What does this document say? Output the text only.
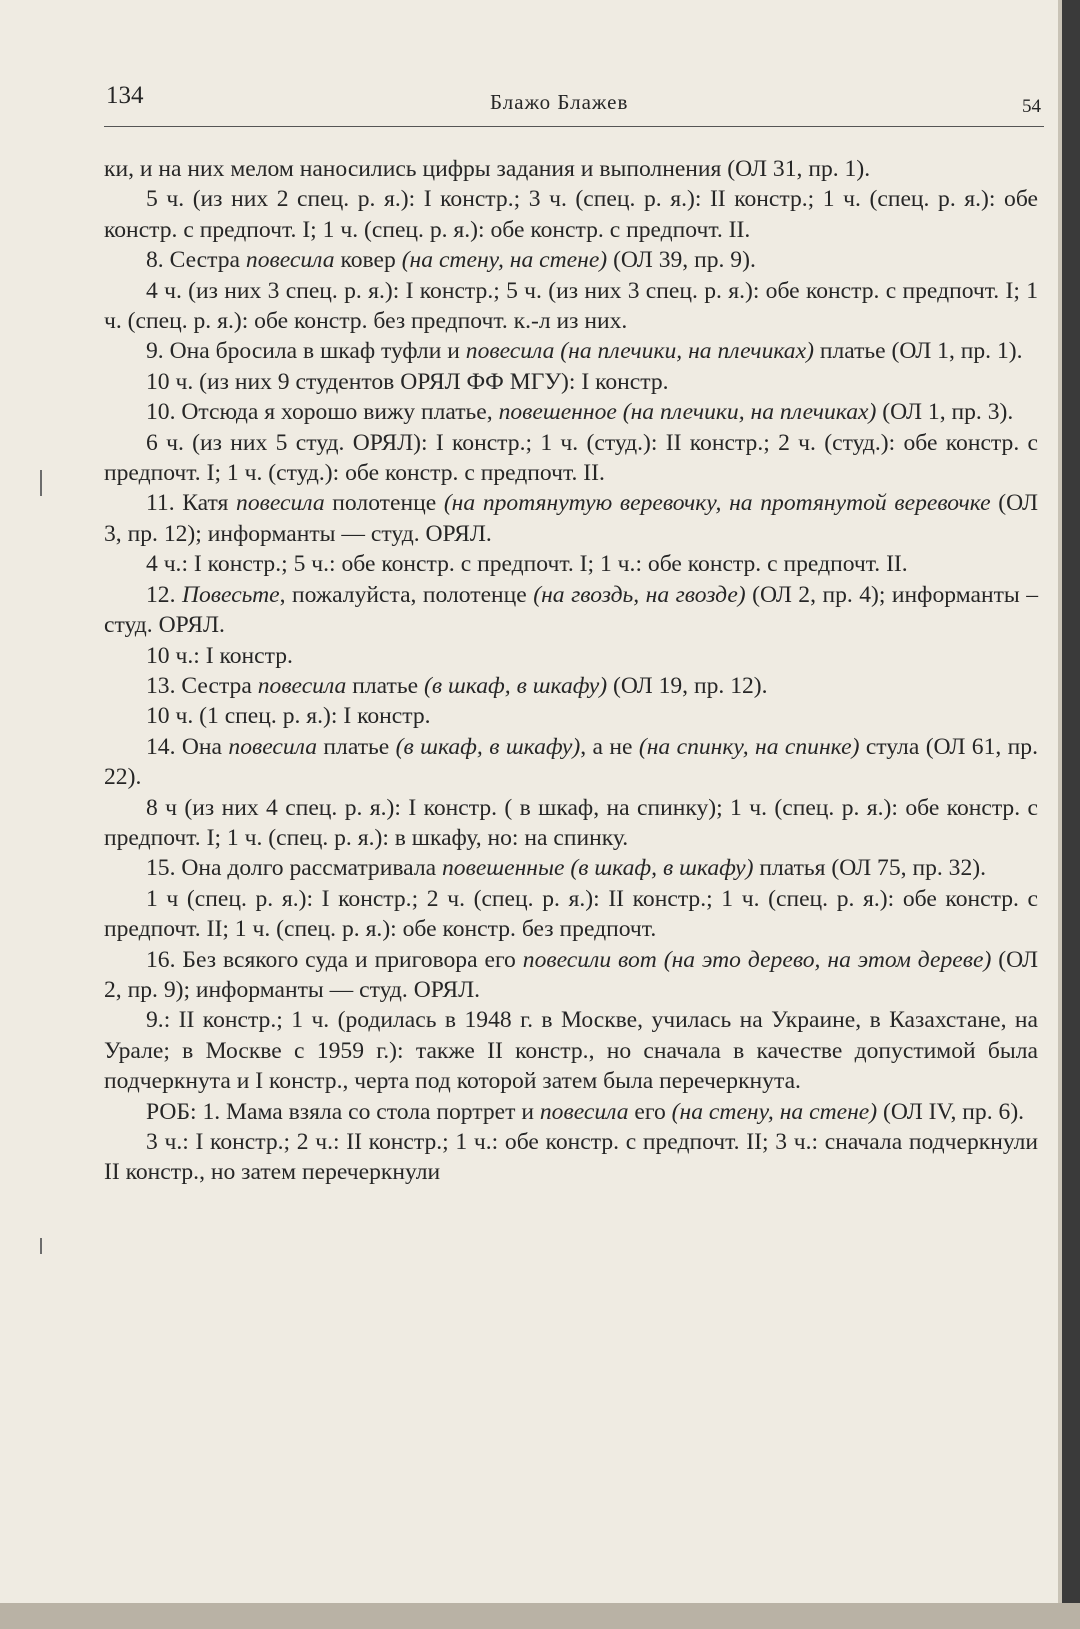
134	Блажо Блажев	54

ки, и на них мелом наносились цифры задания и выполнения (ОЛ 31, пр. 1).

5 ч. (из них 2 спец. р. я.): I констр.; 3 ч. (спец. р. я.): II констр.; 1 ч. (спец. р. я.): обе констр. с предпочт. I; 1 ч. (спец. р. я.): обе констр. с предпочт. II.

8. Сестра повесила ковер (на стену, на стене) (ОЛ 39, пр. 9).

4 ч. (из них 3 спец. р. я.): I констр.; 5 ч. (из них 3 спец. р. я.): обе констр. с предпочт. I; 1 ч. (спец. р. я.): обе констр. без предпочт. к.-л из них.

9. Она бросила в шкаф туфли и повесила (на плечики, на плечиках) платье (ОЛ 1, пр. 1).

10 ч. (из них 9 студентов ОРЯЛ ФФ МГУ): I констр.

10. Отсюда я хорошо вижу платье, повешенное (на плечики, на плечиках) (ОЛ 1, пр. 3).

6 ч. (из них 5 студ. ОРЯЛ): I констр.; 1 ч. (студ.): II констр.; 2 ч. (студ.): обе констр. с предпочт. I; 1 ч. (студ.): обе констр. с предпочт. II.

11. Катя повесила полотенце (на протянутую веревочку, на протянутой веревочке (ОЛ 3, пр. 12); информанты — студ. ОРЯЛ.

4 ч.: I констр.; 5 ч.: обе констр. с предпочт. I; 1 ч.: обе констр. с предпочт. II.

12. Повесьте, пожалуйста, полотенце (на гвоздь, на гвозде) (ОЛ 2, пр. 4); информанты – студ. ОРЯЛ.

10 ч.: I констр.

13. Сестра повесила платье (в шкаф, в шкафу) (ОЛ 19, пр. 12).

10 ч. (1 спец. р. я.): I констр.

14. Она повесила платье (в шкаф, в шкафу), а не (на спинку, на спинке) стула (ОЛ 61, пр. 22).

8 ч (из них 4 спец. р. я.): I констр. ( в шкаф, на спинку); 1 ч. (спец. р. я.): обе констр. с предпочт. I; 1 ч. (спец. р. я.): в шкафу, но: на спинку.

15. Она долго рассматривала повешенные (в шкаф, в шкафу) платья (ОЛ 75, пр. 32).

1 ч (спец. р. я.): I констр.; 2 ч. (спец. р. я.): II констр.; 1 ч. (спец. р. я.): обе констр. с предпочт. II; 1 ч. (спец. р. я.): обе констр. без предпочт.

16. Без всякого суда и приговора его повесили вот (на это дерево, на этом дереве) (ОЛ 2, пр. 9); информанты — студ. ОРЯЛ.

9.: II констр.; 1 ч. (родилась в 1948 г. в Москве, училась на Украине, в Казахстане, на Урале; в Москве с 1959 г.): также II констр., но сначала в качестве допустимой была подчеркнута и I констр., черта под которой затем была перечеркнута.

РОБ: 1. Мама взяла со стола портрет и повесила его (на стену, на стене) (ОЛ IV, пр. 6).

3 ч.: I констр.; 2 ч.: II констр.; 1 ч.: обе констр. с предпочт. II; 3 ч.: сначала подчеркнули II констр., но затем перечеркнули
